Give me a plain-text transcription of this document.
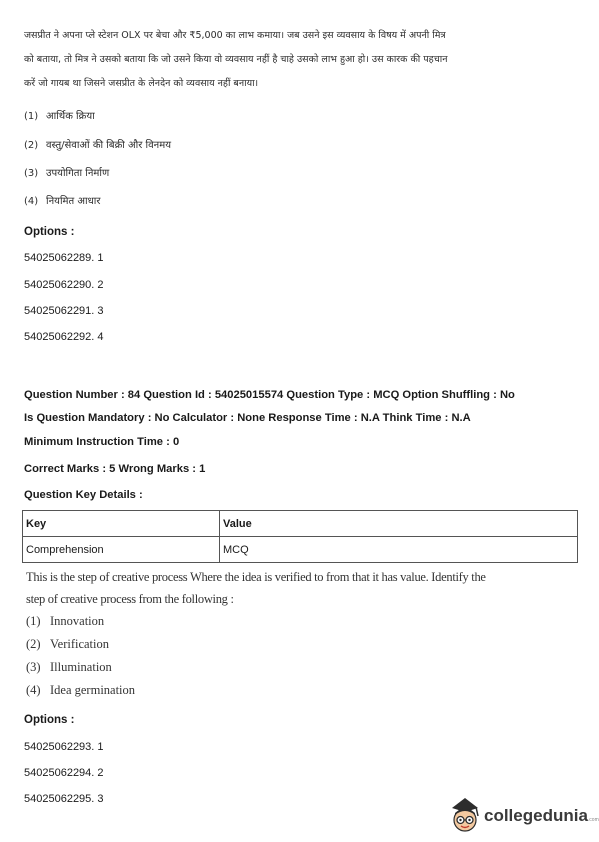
जसप्रीत ने अपना प्ले स्टेशन OLX पर बेचा और ₹5,000 का लाभ कमाया। जब उसने इस व्यवसाय के विषय में अपनी मित्र
को बताया, तो मित्र ने उसको बताया कि जो उसने किया वो व्यवसाय नहीं है चाहे उसको लाभ हुआ हो। उस कारक की पहचान
करें जो गायब था जिसने जसप्रीत के लेनदेन को व्यवसाय नहीं बनाया।
(1) आर्थिक क्रिया
(2) वस्तु/सेवाओं की बिक्री और विनमय
(3) उपयोगिता निर्माण
(4) नियमित आधार
Options :
54025062289. 1
54025062290. 2
54025062291. 3
54025062292. 4
Question Number : 84 Question Id : 54025015574 Question Type : MCQ Option Shuffling : No
Is Question Mandatory : No Calculator : None Response Time : N.A Think Time : N.A
Minimum Instruction Time : 0
Correct Marks : 5 Wrong Marks : 1
Question Key Details :
Key	Value
Comprehension	MCQ
This is the step of creative process Where the idea is verified to from that it has value. Identify the
step of creative process from the following :
(1) Innovation
(2) Verification
(3) Illumination
(4) Idea germination
Options :
54025062293. 1
54025062294. 2
54025062295. 3
collegedunia.com
